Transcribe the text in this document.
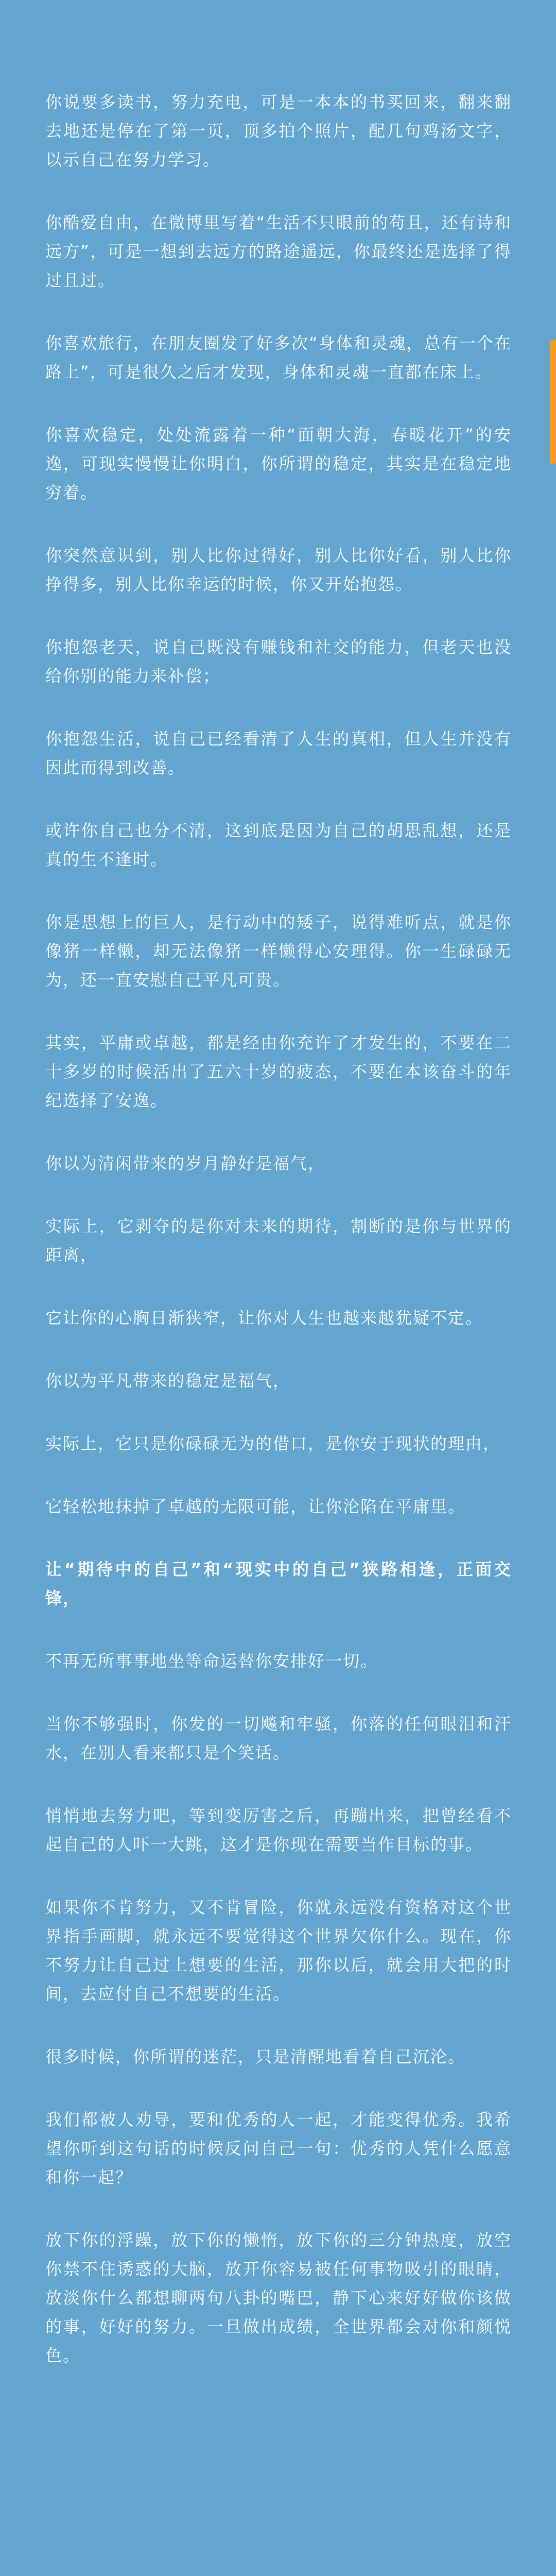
你说要多读书，努力充电，可是一本本的书买回来，翻来翻去地还是停在了第一页，顶多拍个照片，配几句鸡汤文字，以示自己在努力学习。

你酷爱自由，在微博里写着“生活不只眼前的苟且，还有诗和远方”，可是一想到去远方的路途遥远，你最终还是选择了得过且过。

你喜欢旅行，在朋友圈发了好多次“身体和灵魂，总有一个在路上”，可是很久之后才发现，身体和灵魂一直都在床上。

你喜欢稳定，处处流露着一种“面朝大海，春暖花开”的安逸，可现实慢慢让你明白，你所谓的稳定，其实是在稳定地穷着。

你突然意识到，别人比你过得好，别人比你好看，别人比你挣得多，别人比你幸运的时候，你又开始抱怨。

你抱怨老天，说自己既没有赚钱和社交的能力，但老天也没给你别的能力来补偿；

你抱怨生活，说自己已经看清了人生的真相，但人生并没有因此而得到改善。

或许你自己也分不清，这到底是因为自己的胡思乱想，还是真的生不逢时。

你是思想上的巨人，是行动中的矮子，说得难听点，就是你像猪一样懒，却无法像猪一样懒得心安理得。你一生碌碌无为，还一直安慰自己平凡可贵。

其实，平庸或卓越，都是经由你充许了才发生的，不要在二十多岁的时候活出了五六十岁的疲态，不要在本该奋斗的年纪选择了安逸。

你以为清闲带来的岁月静好是福气，

实际上，它剥夺的是你对未来的期待，割断的是你与世界的距离，

它让你的心胸日渐狭窄，让你对人生也越来越犹疑不定。

你以为平凡带来的稳定是福气，

实际上，它只是你碌碌无为的借口，是你安于现状的理由，

它轻松地抹掉了卓越的无限可能，让你沦陷在平庸里。

让“期待中的自己”和“现实中的自己”狭路相逢，正面交锋，

不再无所事事地坐等命运替你安排好一切。

当你不够强时，你发的一切飚和牢骚，你落的任何眼泪和汗水，在别人看来都只是个笑话。

悄悄地去努力吧，等到变厉害之后，再蹦出来，把曾经看不起自己的人吓一大跳，这才是你现在需要当作目标的事。

如果你不肯努力，又不肯冒险，你就永远没有资格对这个世界指手画脚，就永远不要觉得这个世界欠你什么。现在，你不努力让自己过上想要的生活，那你以后，就会用大把的时间，去应付自己不想要的生活。

很多时候，你所谓的迷茫，只是清醒地看着自己沉沦。

我们都被人劝导，要和优秀的人一起，才能变得优秀。我希望你听到这句话的时候反问自己一句：优秀的人凭什么愿意和你一起？

放下你的浮躁，放下你的懒惰，放下你的三分钟热度，放空你禁不住诱惑的大脑，放开你容易被任何事物吸引的眼睛，放淡你什么都想聊两句八卦的嘴巴，静下心来好好做你该做的事，好好的努力。一旦做出成绩，全世界都会对你和颜悦色。
